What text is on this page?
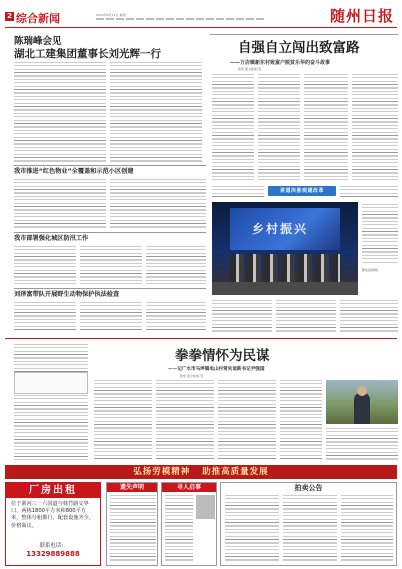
2 综合新闻	2023年9月11日 星期一	随州日报
陈瑞峰会见
湖北工建集团董事长刘光辉一行	自强自立闯出致富路
——万店镇新东村致富户脱贫乐华的奋斗故事
随州日报全媒体记者
我市推进“红色物业”全覆盖和示范小区创建
讲道决胜观建改革
乡村振兴
图为活动现场。
我市部署强化城区防汛工作
刘泽富带队开展野生动物保护执法检查
拳拳情怀为民谋
——记广水市马坪镇电山村常实谊新书记尹强国
随州日报全媒体记者
弘扬劳模精神   助推高质量发展
厂房出租
位于浙河三一六国道与韩竹路交界口，两栋1800平方米和800平方米，整体分租都行，配套设施齐全，价格面议。
联系电话：
13329889888
遗失声明	寻人启事	拍卖公告
